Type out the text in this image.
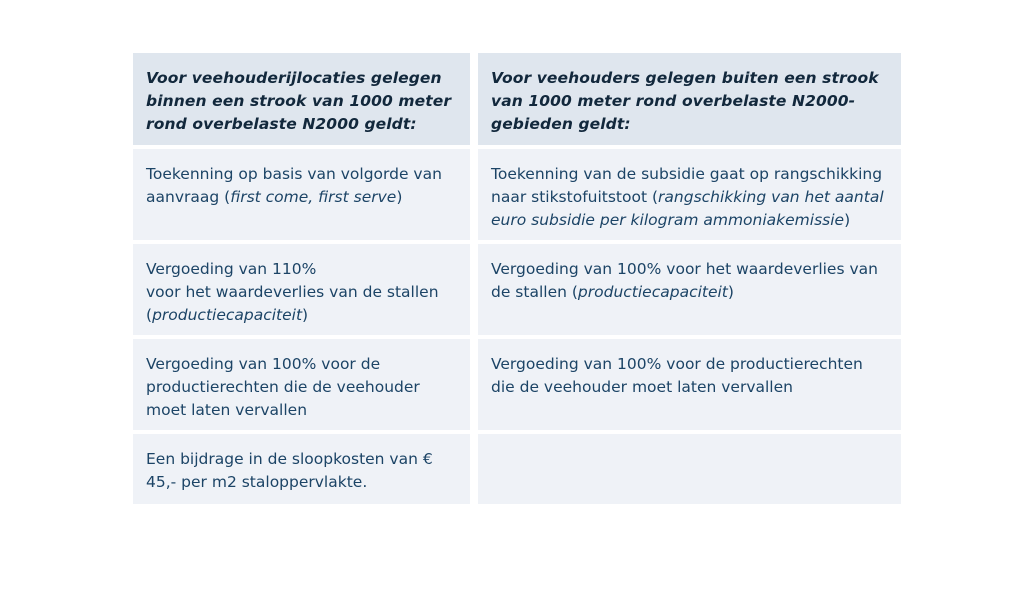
Voor veehouderijlocaties gelegen binnen een strook van 1000 meter rond overbelaste N2000 geldt:
Voor veehouders gelegen buiten een strook van 1000 meter rond overbelaste N2000-gebieden geldt:
Toekenning op basis van volgorde van aanvraag (first come, first serve)
Toekenning van de subsidie gaat op rangschikking naar stikstofuitstoot (rangschikking van het aantal euro subsidie per kilogram ammoniakemissie)
Vergoeding van 110%
voor het waardeverlies van de stallen (productiecapaciteit)
Vergoeding van 100% voor het waardeverlies van de stallen (productiecapaciteit)
Vergoeding van 100% voor de productierechten die de veehouder moet laten vervallen
Vergoeding van 100% voor de productierechten die de veehouder moet laten vervallen
Een bijdrage in de sloopkosten van € 45,- per m2 staloppervlakte.
